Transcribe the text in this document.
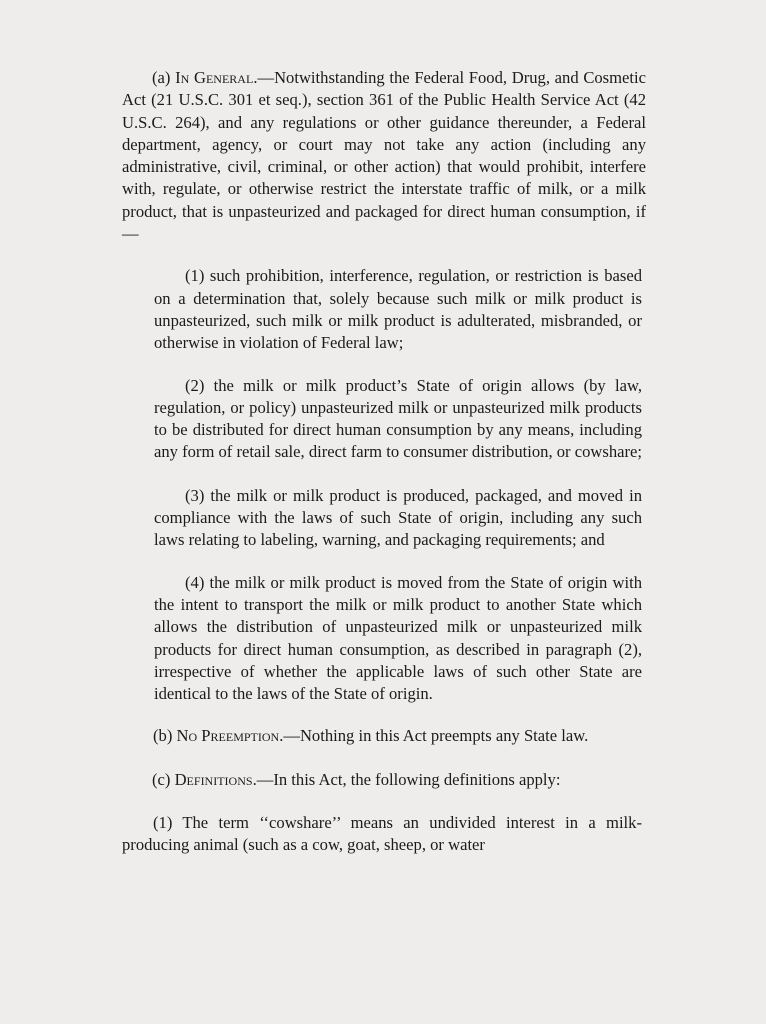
(a) In General.—Notwithstanding the Federal Food, Drug, and Cosmetic Act (21 U.S.C. 301 et seq.), section 361 of the Public Health Service Act (42 U.S.C. 264), and any regulations or other guidance thereunder, a Federal department, agency, or court may not take any action (including any administrative, civil, criminal, or other action) that would prohibit, interfere with, regulate, or otherwise restrict the interstate traffic of milk, or a milk product, that is unpasteurized and packaged for direct human consumption, if—

(1) such prohibition, interference, regulation, or restriction is based on a determination that, solely because such milk or milk product is unpasteurized, such milk or milk product is adulterated, misbranded, or otherwise in violation of Federal law;

(2) the milk or milk product’s State of origin allows (by law, regulation, or policy) unpasteurized milk or unpasteurized milk products to be distributed for direct human consumption by any means, including any form of retail sale, direct farm to consumer distribution, or cowshare;

(3) the milk or milk product is produced, packaged, and moved in compliance with the laws of such State of origin, including any such laws relating to labeling, warning, and packaging requirements; and

(4) the milk or milk product is moved from the State of origin with the intent to transport the milk or milk product to another State which allows the distribution of unpasteurized milk or unpasteurized milk products for direct human consumption, as described in paragraph (2), irrespective of whether the applicable laws of such other State are identical to the laws of the State of origin.

(b) No Preemption.—Nothing in this Act preempts any State law.

(c) Definitions.—In this Act, the following definitions apply:

(1) The term ‘‘cowshare’’ means an undivided interest in a milk-producing animal (such as a cow, goat, sheep, or water
